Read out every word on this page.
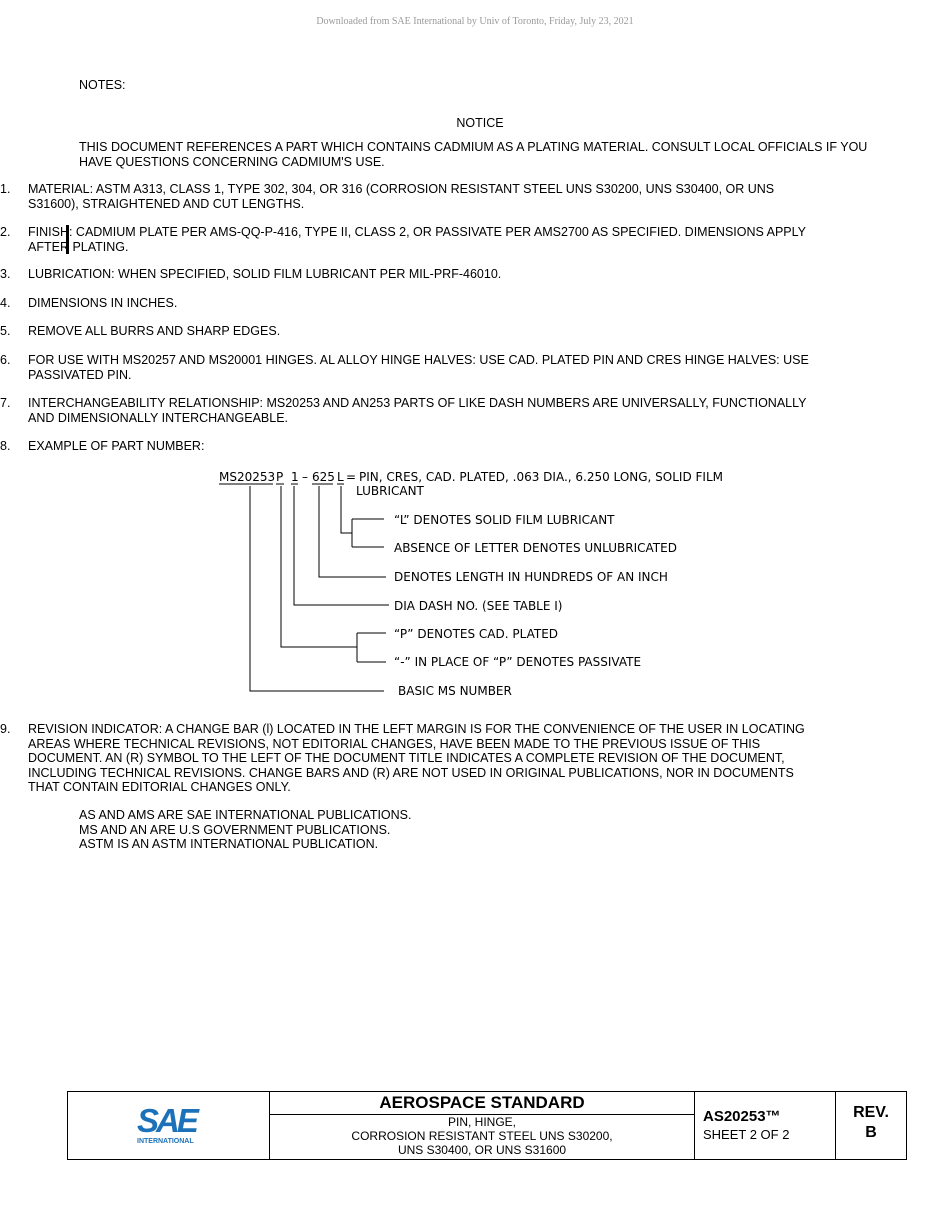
Downloaded from SAE International by Univ of Toronto, Friday, July 23, 2021
NOTES:
NOTICE
THIS DOCUMENT REFERENCES A PART WHICH CONTAINS CADMIUM AS A PLATING MATERIAL. CONSULT LOCAL OFFICIALS IF YOU HAVE QUESTIONS CONCERNING CADMIUM'S USE.
1. MATERIAL: ASTM A313, CLASS 1, TYPE 302, 304, OR 316 (CORROSION RESISTANT STEEL UNS S30200, UNS S30400, OR UNS S31600), STRAIGHTENED AND CUT LENGTHS.
2. FINISH: CADMIUM PLATE PER AMS-QQ-P-416, TYPE II, CLASS 2, OR PASSIVATE PER AMS2700 AS SPECIFIED. DIMENSIONS APPLY AFTER PLATING.
3. LUBRICATION: WHEN SPECIFIED, SOLID FILM LUBRICANT PER MIL-PRF-46010.
4. DIMENSIONS IN INCHES.
5. REMOVE ALL BURRS AND SHARP EDGES.
6. FOR USE WITH MS20257 AND MS20001 HINGES. AL ALLOY HINGE HALVES: USE CAD. PLATED PIN AND CRES HINGE HALVES: USE PASSIVATED PIN.
7. INTERCHANGEABILITY RELATIONSHIP: MS20253 AND AN253 PARTS OF LIKE DASH NUMBERS ARE UNIVERSALLY, FUNCTIONALLY AND DIMENSIONALLY INTERCHANGEABLE.
8. EXAMPLE OF PART NUMBER:
MS20253 P 1 – 625 L = PIN, CRES, CAD. PLATED, .063 DIA., 6.250 LONG, SOLID FILM
LUBRICANT
“L” DENOTES SOLID FILM LUBRICANT
ABSENCE OF LETTER DENOTES UNLUBRICATED
DENOTES LENGTH IN HUNDREDS OF AN INCH
DIA DASH NO. (SEE TABLE I)
“P” DENOTES CAD. PLATED
“-” IN PLACE OF “P” DENOTES PASSIVATE
BASIC MS NUMBER
9. REVISION INDICATOR: A CHANGE BAR (l) LOCATED IN THE LEFT MARGIN IS FOR THE CONVENIENCE OF THE USER IN LOCATING AREAS WHERE TECHNICAL REVISIONS, NOT EDITORIAL CHANGES, HAVE BEEN MADE TO THE PREVIOUS ISSUE OF THIS DOCUMENT. AN (R) SYMBOL TO THE LEFT OF THE DOCUMENT TITLE INDICATES A COMPLETE REVISION OF THE DOCUMENT, INCLUDING TECHNICAL REVISIONS. CHANGE BARS AND (R) ARE NOT USED IN ORIGINAL PUBLICATIONS, NOR IN DOCUMENTS THAT CONTAIN EDITORIAL CHANGES ONLY.
AS AND AMS ARE SAE INTERNATIONAL PUBLICATIONS.
MS AND AN ARE U.S GOVERNMENT PUBLICATIONS.
ASTM IS AN ASTM INTERNATIONAL PUBLICATION.
SAE
INTERNATIONAL
AEROSPACE STANDARD
PIN, HINGE,
CORROSION RESISTANT STEEL UNS S30200,
UNS S30400, OR UNS S31600
AS20253™
SHEET 2 OF 2
REV.
B
